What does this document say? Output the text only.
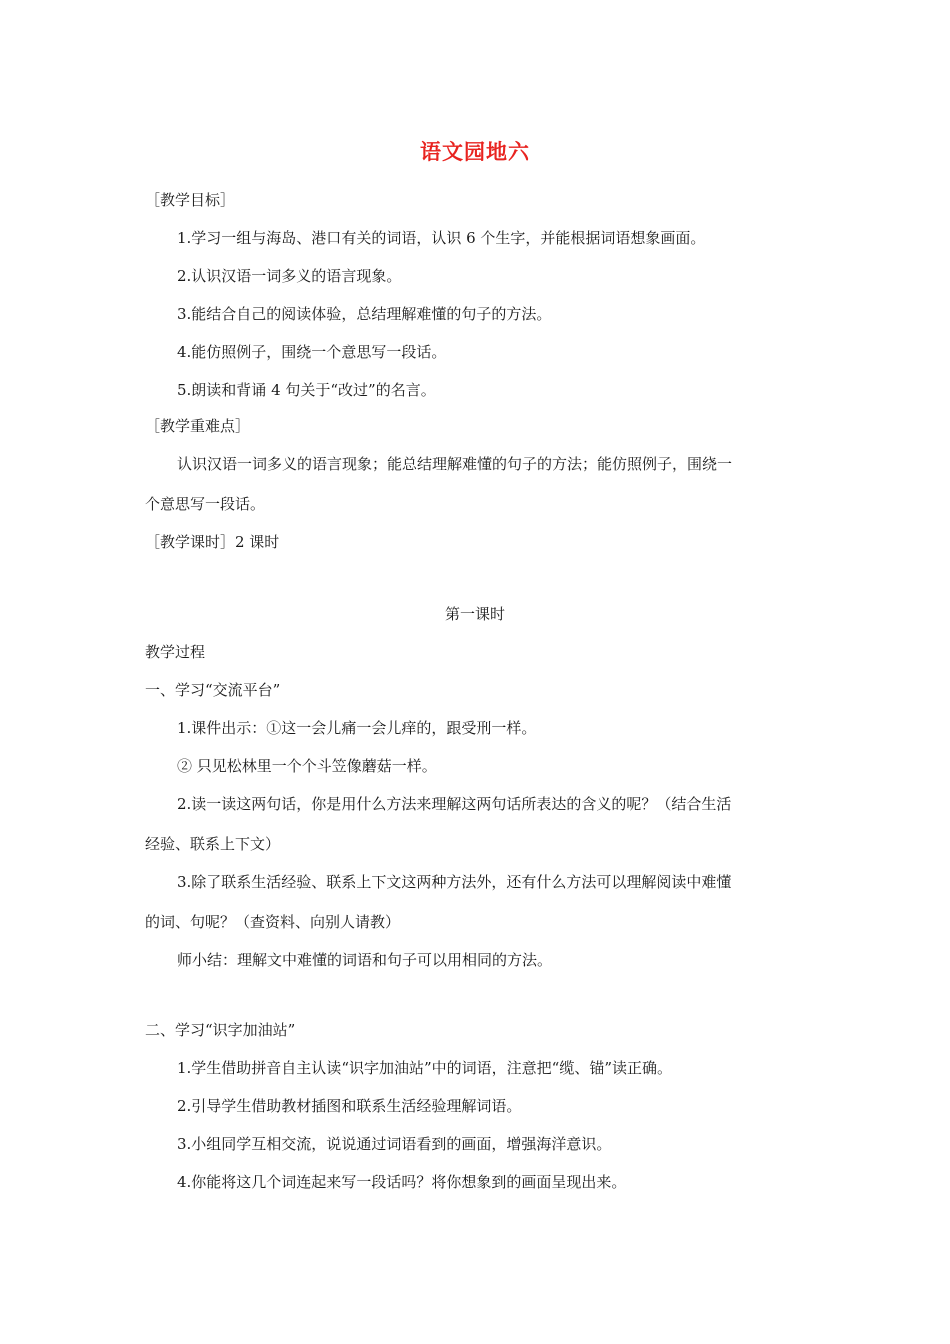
语文园地六
［教学目标］
1.学习一组与海岛、港口有关的词语，认识 6 个生字，并能根据词语想象画面。
2.认识汉语一词多义的语言现象。
3.能结合自己的阅读体验，总结理解难懂的句子的方法。
4.能仿照例子，围绕一个意思写一段话。
5.朗读和背诵 4 句关于“改过”的名言。
［教学重难点］
认识汉语一词多义的语言现象；能总结理解难懂的句子的方法；能仿照例子，围绕一
个意思写一段话。
［教学课时］2 课时
第一课时
教学过程
一、学习“交流平台”
1.课件出示：①这一会儿痛一会儿痒的，跟受刑一样。
② 只见松林里一个个斗笠像蘑菇一样。
2.读一读这两句话，你是用什么方法来理解这两句话所表达的含义的呢？（结合生活
经验、联系上下文）
3.除了联系生活经验、联系上下文这两种方法外，还有什么方法可以理解阅读中难懂
的词、句呢？（查资料、向别人请教）
师小结：理解文中难懂的词语和句子可以用相同的方法。
二、学习“识字加油站”
1.学生借助拼音自主认读“识字加油站”中的词语，注意把“缆、锚”读正确。
2.引导学生借助教材插图和联系生活经验理解词语。
3.小组同学互相交流，说说通过词语看到的画面，增强海洋意识。
4.你能将这几个词连起来写一段话吗？将你想象到的画面呈现出来。
